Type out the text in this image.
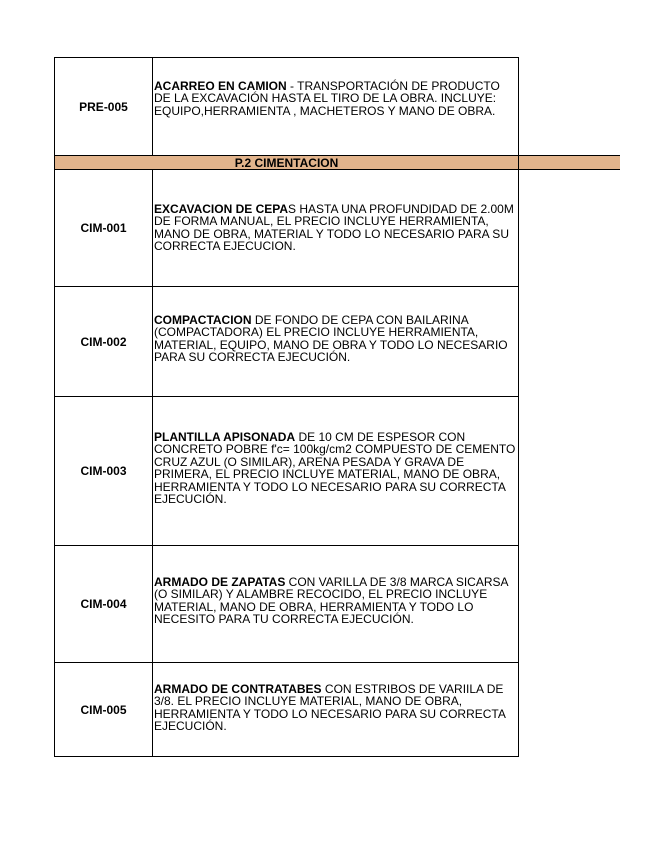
P.2 CIMENTACION
PRE-005
ACARREO EN CAMION - TRANSPORTACIÓN DE PRODUCTO DE LA EXCAVACIÓN HASTA EL TIRO DE LA OBRA. INCLUYE: EQUIPO,HERRAMIENTA , MACHETEROS Y MANO DE OBRA.
CIM-001
EXCAVACION DE CEPAS HASTA UNA PROFUNDIDAD DE 2.00M DE FORMA MANUAL, EL PRECIO INCLUYE HERRAMIENTA, MANO DE OBRA, MATERIAL Y TODO LO NECESARIO PARA SU CORRECTA EJECUCION.
CIM-002
COMPACTACION DE FONDO DE CEPA CON BAILARINA (COMPACTADORA) EL PRECIO INCLUYE HERRAMIENTA, MATERIAL, EQUIPO, MANO DE OBRA Y TODO LO NECESARIO PARA SU CORRECTA EJECUCIÓN.
CIM-003
PLANTILLA APISONADA DE 10 CM DE ESPESOR CON CONCRETO POBRE f'c= 100kg/cm2 COMPUESTO DE CEMENTO CRUZ AZUL (O SIMILAR), ARENA PESADA Y GRAVA DE PRIMERA, EL PRECIO INCLUYE MATERIAL, MANO DE OBRA, HERRAMIENTA Y TODO LO NECESARIO PARA SU CORRECTA EJECUCIÓN.
CIM-004
ARMADO DE ZAPATAS CON VARILLA DE 3/8 MARCA SICARSA (O SIMILAR) Y ALAMBRE RECOCIDO, EL PRECIO INCLUYE MATERIAL, MANO DE OBRA, HERRAMIENTA Y TODO LO NECESITO PARA TU CORRECTA EJECUCIÓN.
CIM-005
ARMADO DE CONTRATABES CON ESTRIBOS DE VARIILA DE 3/8. EL PRECIO INCLUYE MATERIAL, MANO DE OBRA, HERRAMIENTA Y TODO LO NECESARIO PARA SU CORRECTA EJECUCIÓN.
